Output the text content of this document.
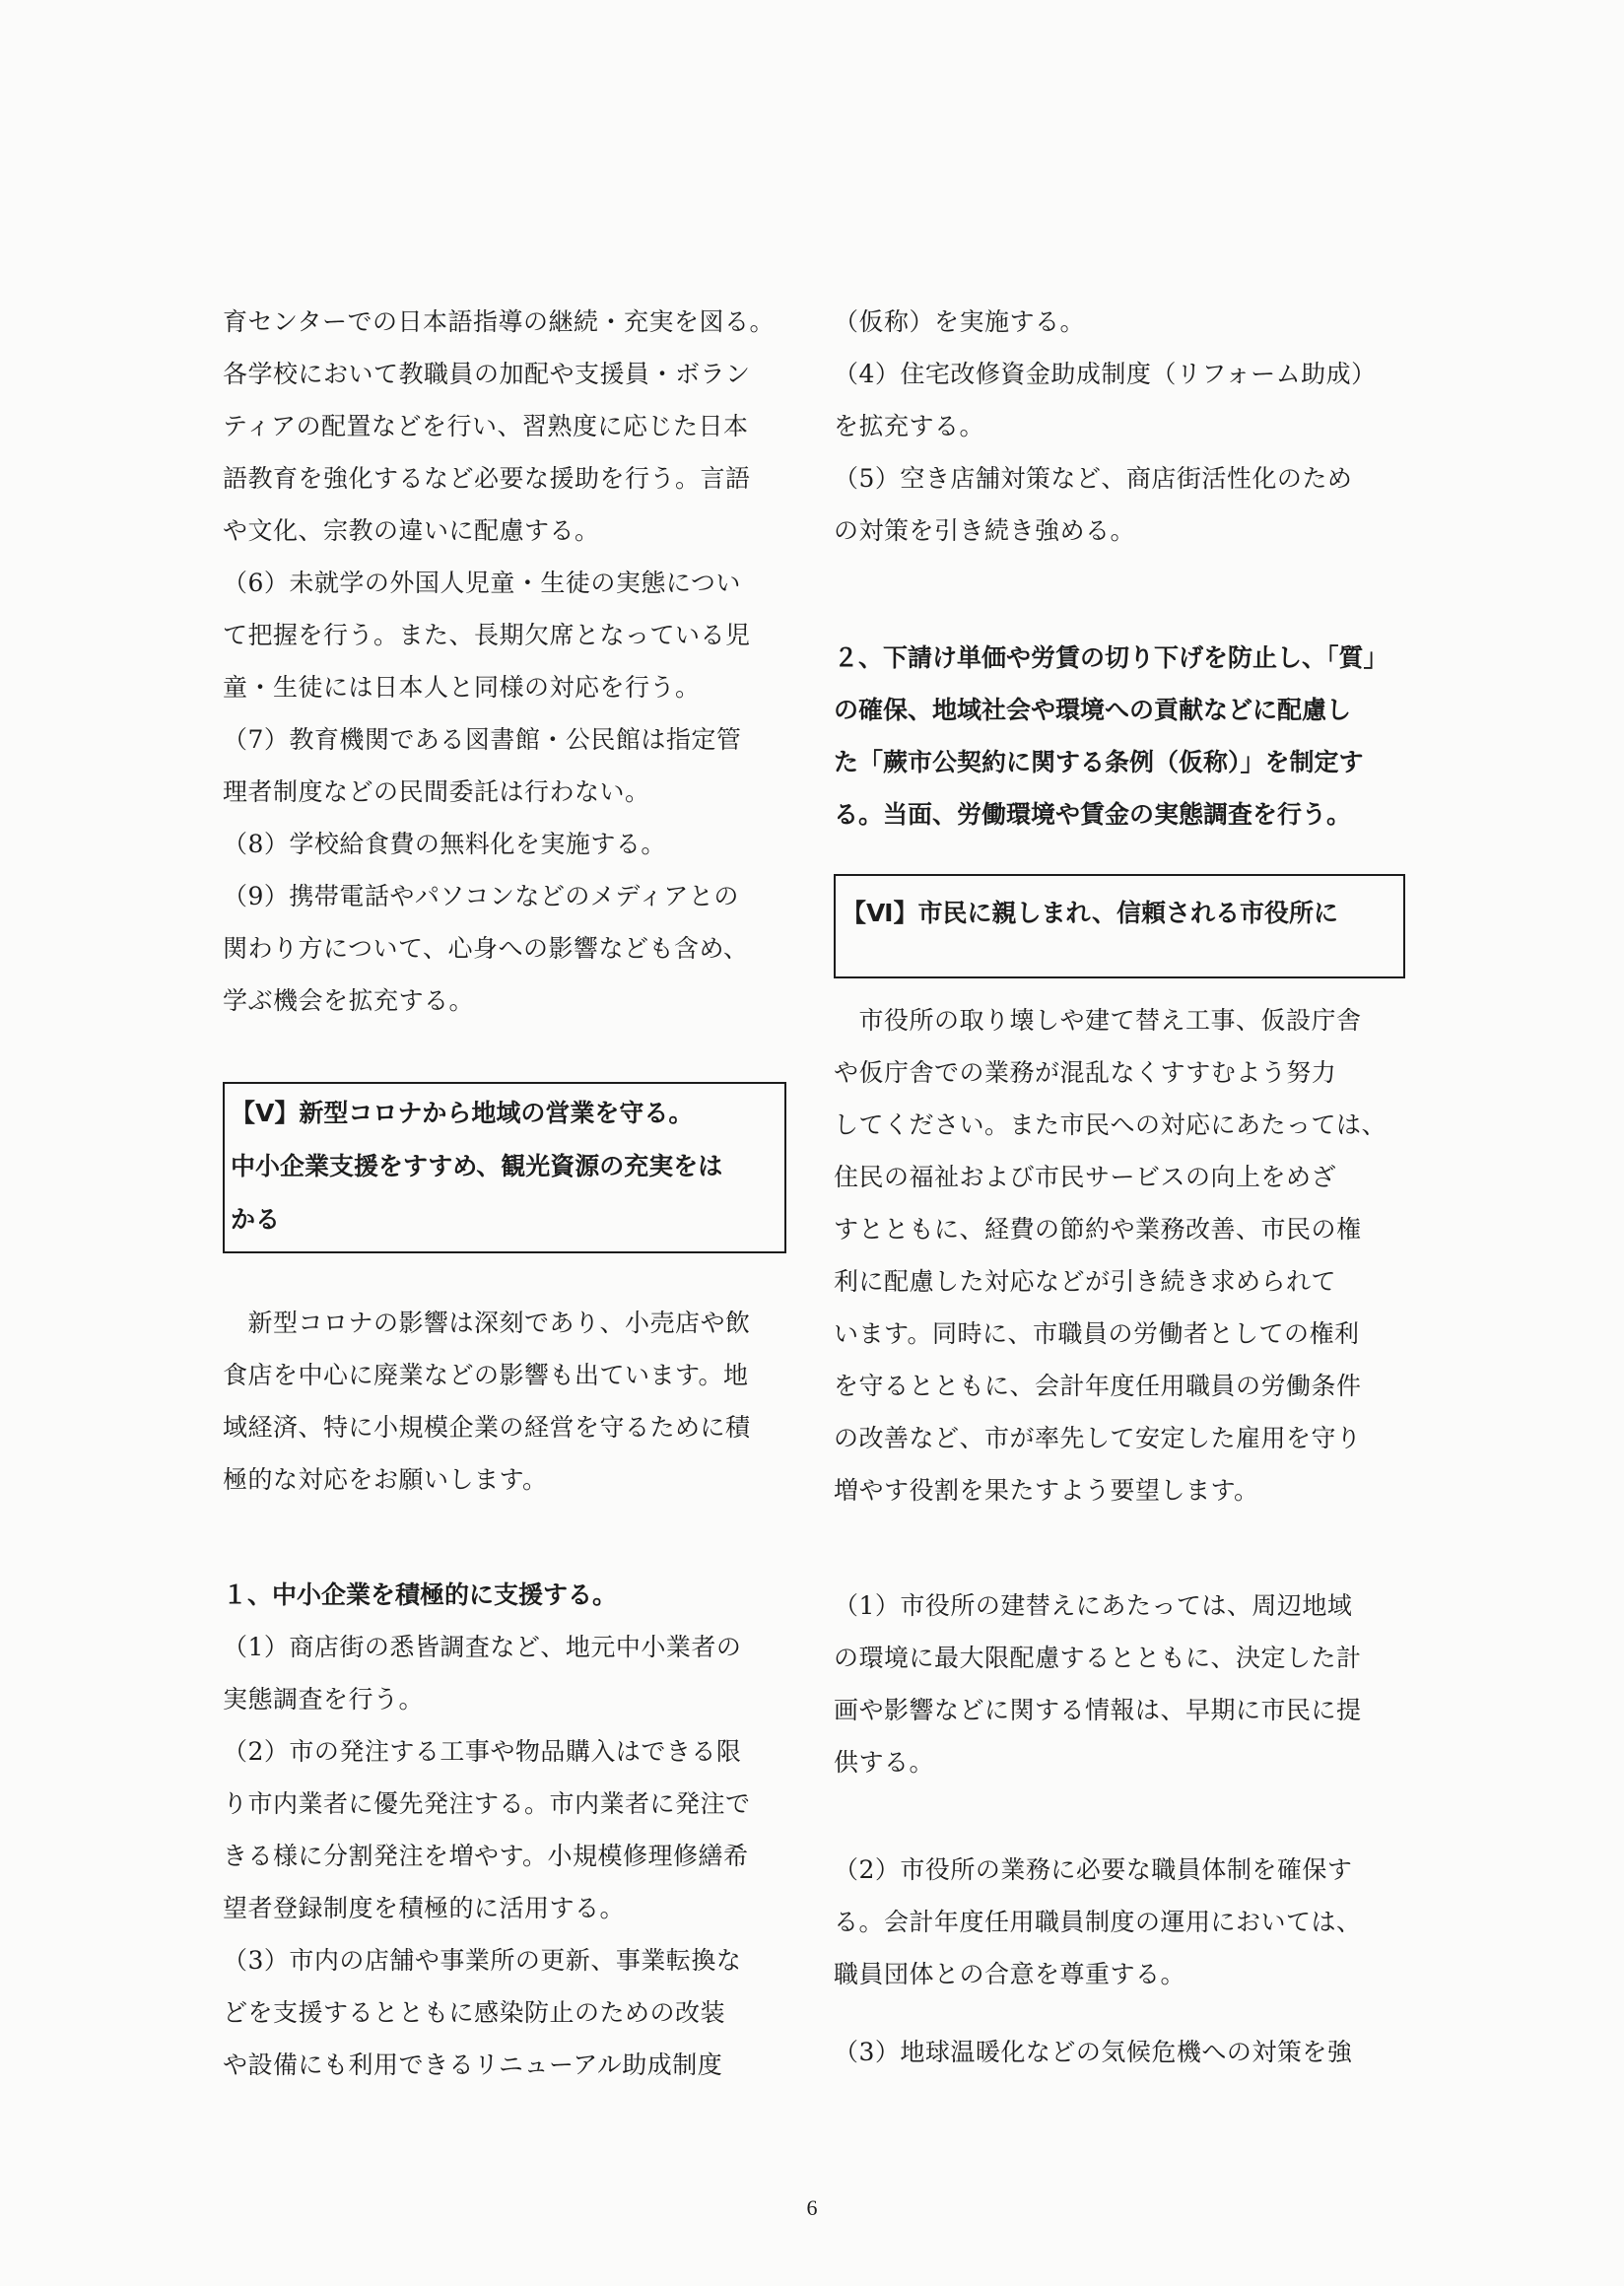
育センターでの日本語指導の継続・充実を図る。
各学校において教職員の加配や支援員・ボラン
ティアの配置などを行い、習熟度に応じた日本
語教育を強化するなど必要な援助を行う。言語
や文化、宗教の違いに配慮する。
（6）未就学の外国人児童・生徒の実態につい
て把握を行う。また、長期欠席となっている児
童・生徒には日本人と同様の対応を行う。
（7）教育機関である図書館・公民館は指定管
理者制度などの民間委託は行わない。
（8）学校給食費の無料化を実施する。
（9）携帯電話やパソコンなどのメディアとの
関わり方について、心身への影響なども含め、
学ぶ機会を拡充する。
【Ⅴ】新型コロナから地域の営業を守る。
中小企業支援をすすめ、観光資源の充実をは
かる
　新型コロナの影響は深刻であり、小売店や飲
食店を中心に廃業などの影響も出ています。地
域経済、特に小規模企業の経営を守るために積
極的な対応をお願いします。
１、中小企業を積極的に支援する。
（1）商店街の悉皆調査など、地元中小業者の
実態調査を行う。
（2）市の発注する工事や物品購入はできる限
り市内業者に優先発注する。市内業者に発注で
きる様に分割発注を増やす。小規模修理修繕希
望者登録制度を積極的に活用する。
（3）市内の店舗や事業所の更新、事業転換な
どを支援するとともに感染防止のための改装
や設備にも利用できるリニューアル助成制度
（仮称）を実施する。
（4）住宅改修資金助成制度（リフォーム助成）
を拡充する。
（5）空き店舗対策など、商店街活性化のため
の対策を引き続き強める。
２、下請け単価や労賃の切り下げを防止し、「質」
の確保、地域社会や環境への貢献などに配慮し
た「蕨市公契約に関する条例（仮称）」を制定す
る。当面、労働環境や賃金の実態調査を行う。
【Ⅵ】市民に親しまれ、信頼される市役所に
　市役所の取り壊しや建て替え工事、仮設庁舎
や仮庁舎での業務が混乱なくすすむよう努力
してください。また市民への対応にあたっては、
住民の福祉および市民サービスの向上をめざ
すとともに、経費の節約や業務改善、市民の権
利に配慮した対応などが引き続き求められて
います。同時に、市職員の労働者としての権利
を守るとともに、会計年度任用職員の労働条件
の改善など、市が率先して安定した雇用を守り
増やす役割を果たすよう要望します。
（1）市役所の建替えにあたっては、周辺地域
の環境に最大限配慮するとともに、決定した計
画や影響などに関する情報は、早期に市民に提
供する。
（2）市役所の業務に必要な職員体制を確保す
る。会計年度任用職員制度の運用においては、
職員団体との合意を尊重する。
（3）地球温暖化などの気候危機への対策を強
6
